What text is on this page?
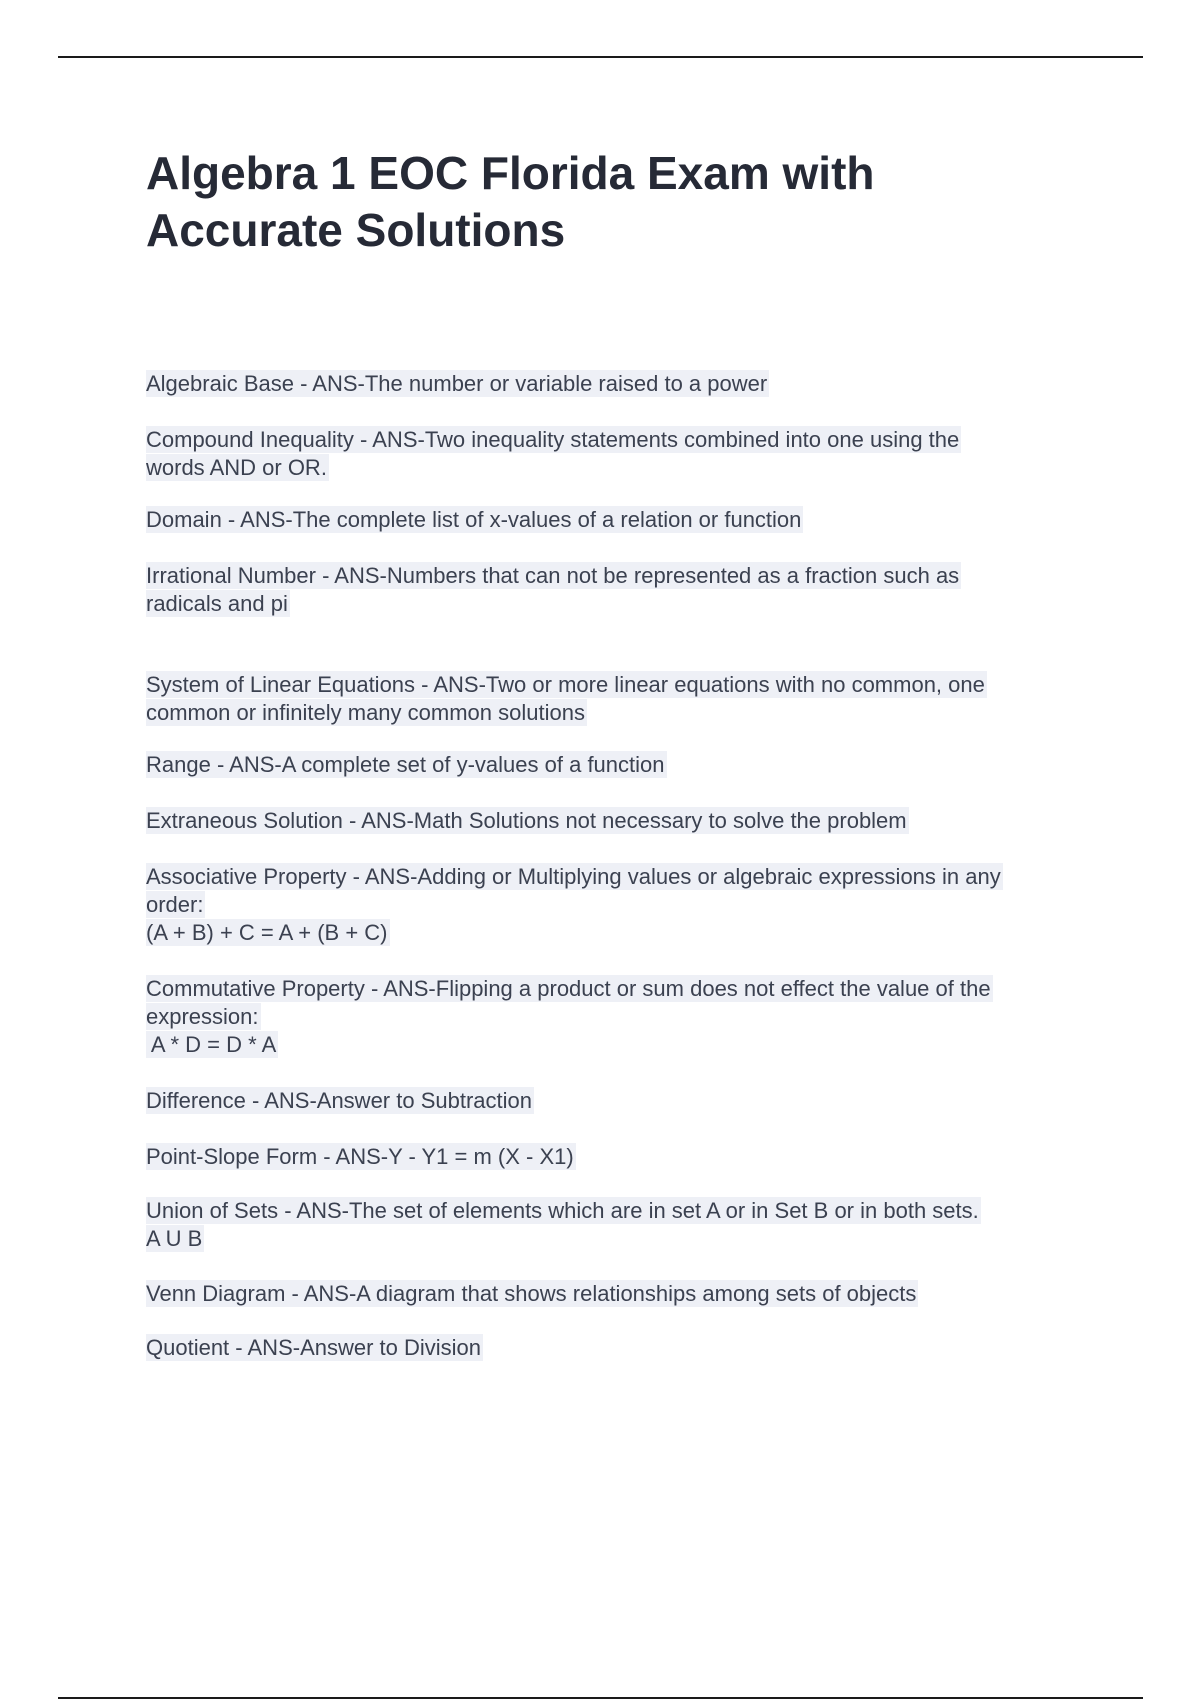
Algebra 1 EOC Florida Exam with
Accurate Solutions
Algebraic Base - ANS-The number or variable raised to a power
Compound Inequality - ANS-Two inequality statements combined into one using the
words AND or OR.
Domain - ANS-The complete list of x-values of a relation or function
Irrational Number - ANS-Numbers that can not be represented as a fraction such as
radicals and pi
System of Linear Equations - ANS-Two or more linear equations with no common, one
common or infinitely many common solutions
Range - ANS-A complete set of y-values of a function
Extraneous Solution - ANS-Math Solutions not necessary to solve the problem
Associative Property - ANS-Adding or Multiplying values or algebraic expressions in any
order:
(A + B) + C = A + (B + C)
Commutative Property - ANS-Flipping a product or sum does not effect the value of the
expression:
A * D = D * A
Difference - ANS-Answer to Subtraction
Point-Slope Form - ANS-Y - Y1 = m (X - X1)
Union of Sets - ANS-The set of elements which are in set A or in Set B or in both sets.
A U B
Venn Diagram - ANS-A diagram that shows relationships among sets of objects
Quotient - ANS-Answer to Division
